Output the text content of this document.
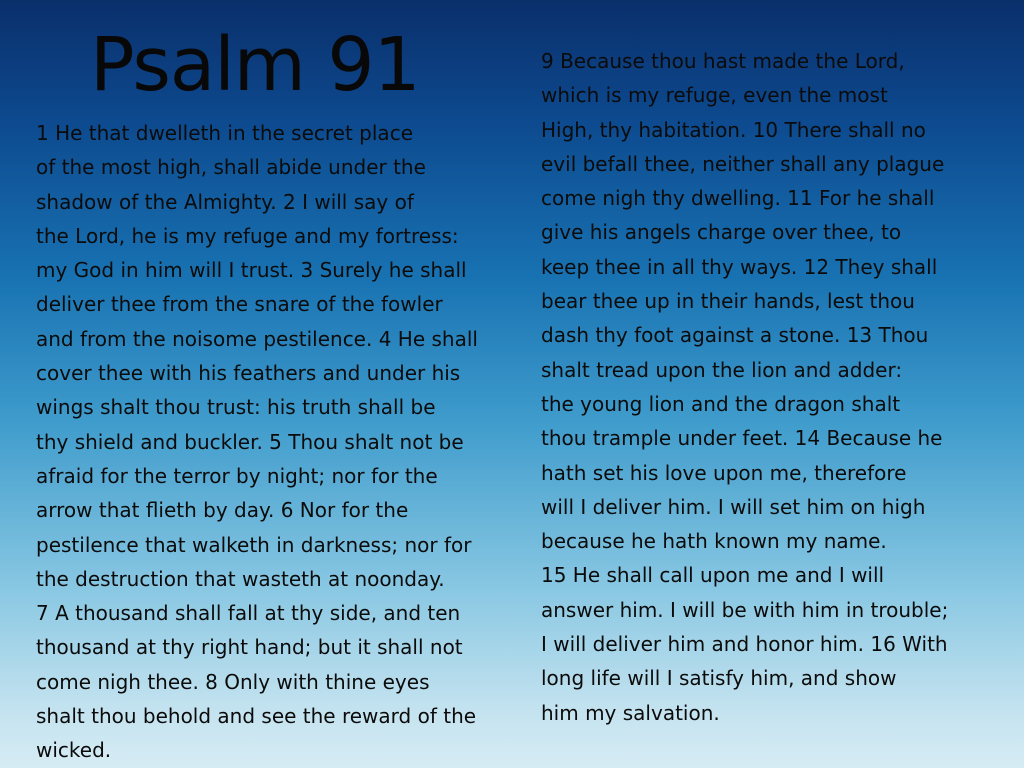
Psalm 91
1 He that dwelleth in the secret place
of the most high, shall abide under the
shadow of the Almighty. 2 I will say of
the Lord, he is my refuge and my fortress:
my God in him will I trust. 3 Surely he shall
deliver thee from the snare of the fowler
and from the noisome pestilence. 4 He shall
cover thee with his feathers and under his
wings shalt thou trust: his truth shall be
thy shield and buckler. 5 Thou shalt not be
afraid for the terror by night; nor for the
arrow that flieth by day. 6 Nor for the
pestilence that walketh in darkness; nor for
the destruction that wasteth at noonday.
7 A thousand shall fall at thy side, and ten
thousand at thy right hand; but it shall not
come nigh thee. 8 Only with thine eyes
shalt thou behold and see the reward of the
wicked.
9 Because thou hast made the Lord,
which is my refuge, even the most
High, thy habitation. 10 There shall no
evil befall thee, neither shall any plague
come nigh thy dwelling. 11 For he shall
give his angels charge over thee, to
keep thee in all thy ways. 12 They shall
bear thee up in their hands, lest thou
dash thy foot against a stone. 13 Thou
shalt tread upon the lion and adder:
the young lion and the dragon shalt
thou trample under feet. 14 Because he
hath set his love upon me, therefore
will I deliver him. I will set him on high
because he hath known my name.
15 He shall call upon me and I will
answer him. I will be with him in trouble;
I will deliver him and honor him. 16 With
long life will I satisfy him, and show
him my salvation.
